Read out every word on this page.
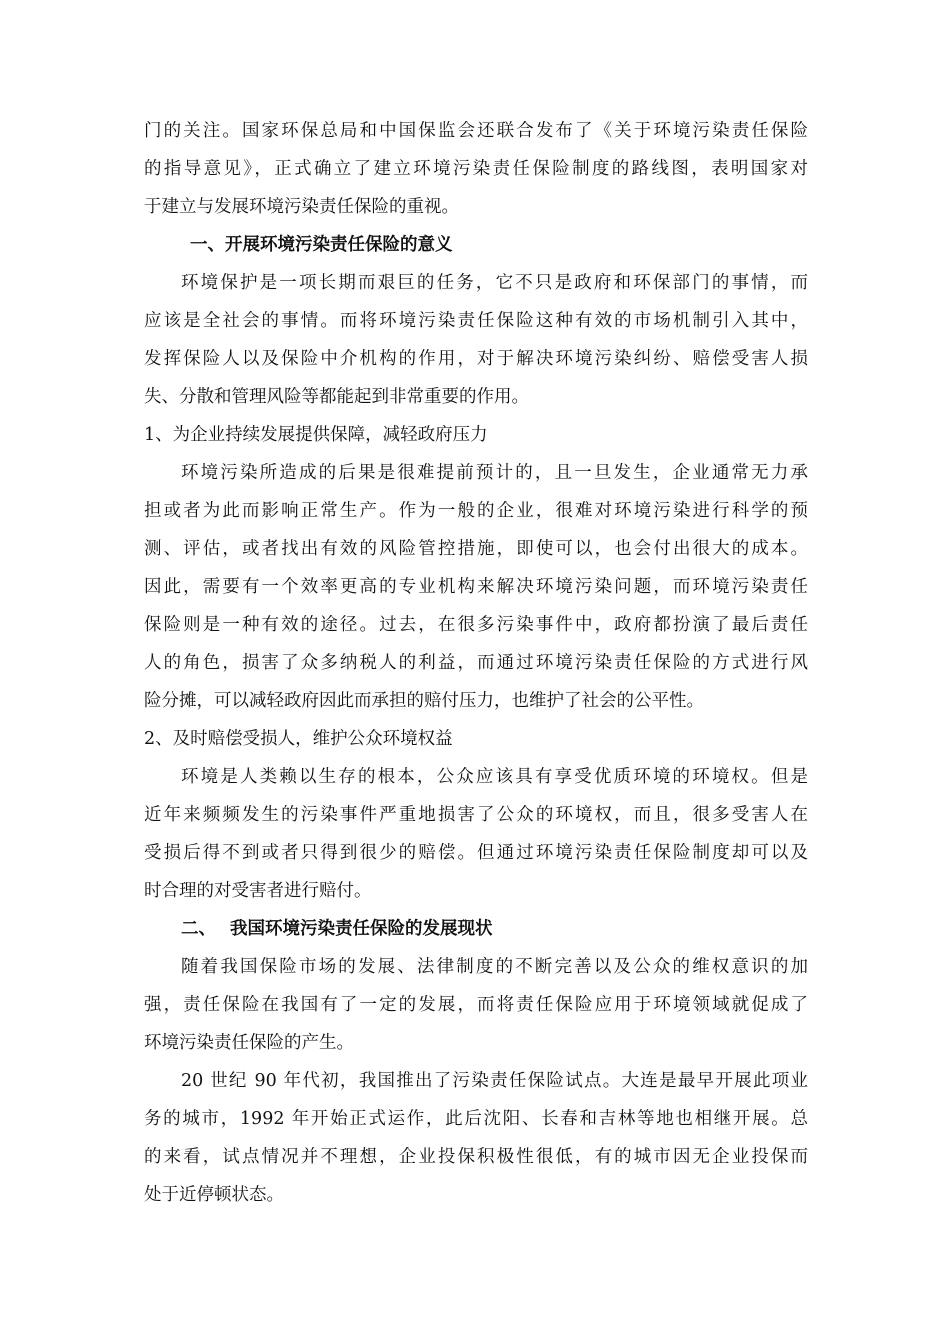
门的关注。国家环保总局和中国保监会还联合发布了《关于环境污染责任保险
的指导意见》，正式确立了建立环境污染责任保险制度的路线图，表明国家对
于建立与发展环境污染责任保险的重视。
一、开展环境污染责任保险的意义
环境保护是一项长期而艰巨的任务，它不只是政府和环保部门的事情，而
应该是全社会的事情。而将环境污染责任保险这种有效的市场机制引入其中，
发挥保险人以及保险中介机构的作用，对于解决环境污染纠纷、赔偿受害人损
失、分散和管理风险等都能起到非常重要的作用。
1、为企业持续发展提供保障，减轻政府压力
环境污染所造成的后果是很难提前预计的，且一旦发生，企业通常无力承
担或者为此而影响正常生产。作为一般的企业，很难对环境污染进行科学的预
测、评估，或者找出有效的风险管控措施，即使可以，也会付出很大的成本。
因此，需要有一个效率更高的专业机构来解决环境污染问题，而环境污染责任
保险则是一种有效的途径。过去，在很多污染事件中，政府都扮演了最后责任
人的角色，损害了众多纳税人的利益，而通过环境污染责任保险的方式进行风
险分摊，可以减轻政府因此而承担的赔付压力，也维护了社会的公平性。
2、及时赔偿受损人，维护公众环境权益
环境是人类赖以生存的根本，公众应该具有享受优质环境的环境权。但是
近年来频频发生的污染事件严重地损害了公众的环境权，而且，很多受害人在
受损后得不到或者只得到很少的赔偿。但通过环境污染责任保险制度却可以及
时合理的对受害者进行赔付。
二、 我国环境污染责任保险的发展现状
随着我国保险市场的发展、法律制度的不断完善以及公众的维权意识的加
强，责任保险在我国有了一定的发展，而将责任保险应用于环境领域就促成了
环境污染责任保险的产生。
20 世纪 90 年代初，我国推出了污染责任保险试点。大连是最早开展此项业
务的城市，1992 年开始正式运作，此后沈阳、长春和吉林等地也相继开展。总
的来看，试点情况并不理想，企业投保积极性很低，有的城市因无企业投保而
处于近停顿状态。
